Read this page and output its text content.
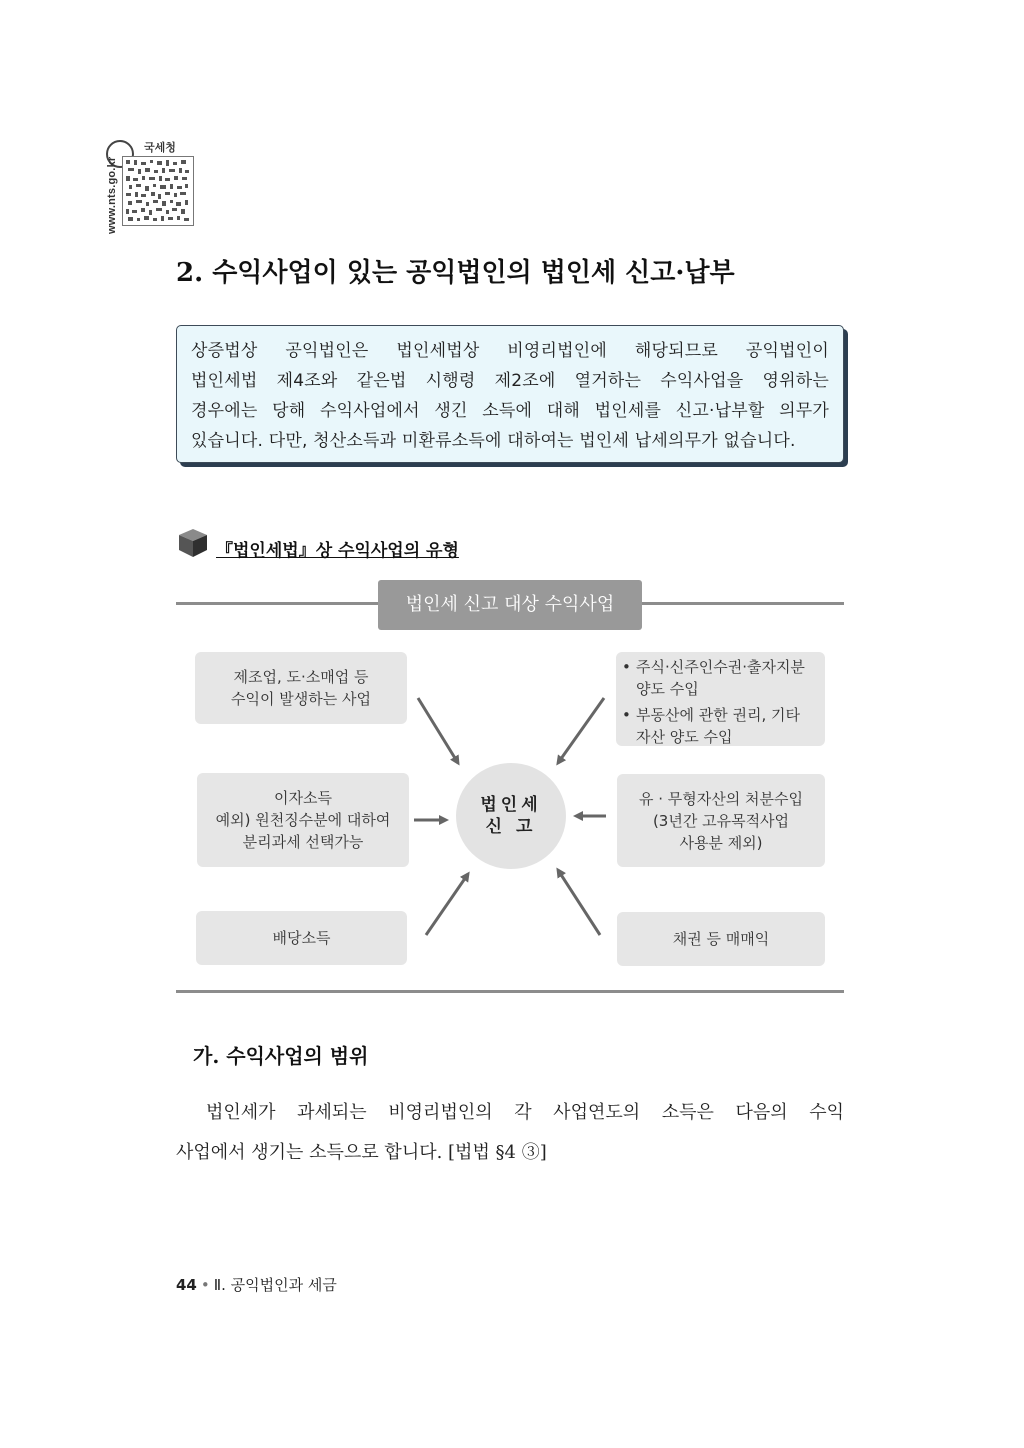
국세청
www.nts.go.kr
2. 수익사업이 있는 공익법인의 법인세 신고·납부

상증법상 공익법인은 법인세법상 비영리법인에 해당되므로 공익법인이

법인세법 제4조와 같은법 시행령 제2조에 열거하는 수익사업을 영위하는

경우에는 당해 수익사업에서 생긴 소득에 대해 법인세를 신고·납부할 의무가

있습니다. 다만, 청산소득과 미환류소득에 대하여는 법인세 납세의무가 없습니다.

『법인세법』상 수익사업의 유형
법인세 신고 대상 수익사업
제조업, 도·소매업 등
수익이 발생하는 사업
이자소득
예외) 원천징수분에 대하여
분리과세 선택가능
배당소득
법인세
신 고
• 주식·신주인수권·출자지분 양도 수입
• 부동산에 관한 권리, 기타 자산 양도 수입
유 · 무형자산의 처분수입
(3년간 고유목적사업
사용분 제외)
채권 등 매매익
가. 수익사업의 범위

법인세가 과세되는 비영리법인의 각 사업연도의 소득은 다음의 수익

사업에서 생기는 소득으로 합니다. [법법 §4 ③]

44 • Ⅱ. 공익법인과 세금
